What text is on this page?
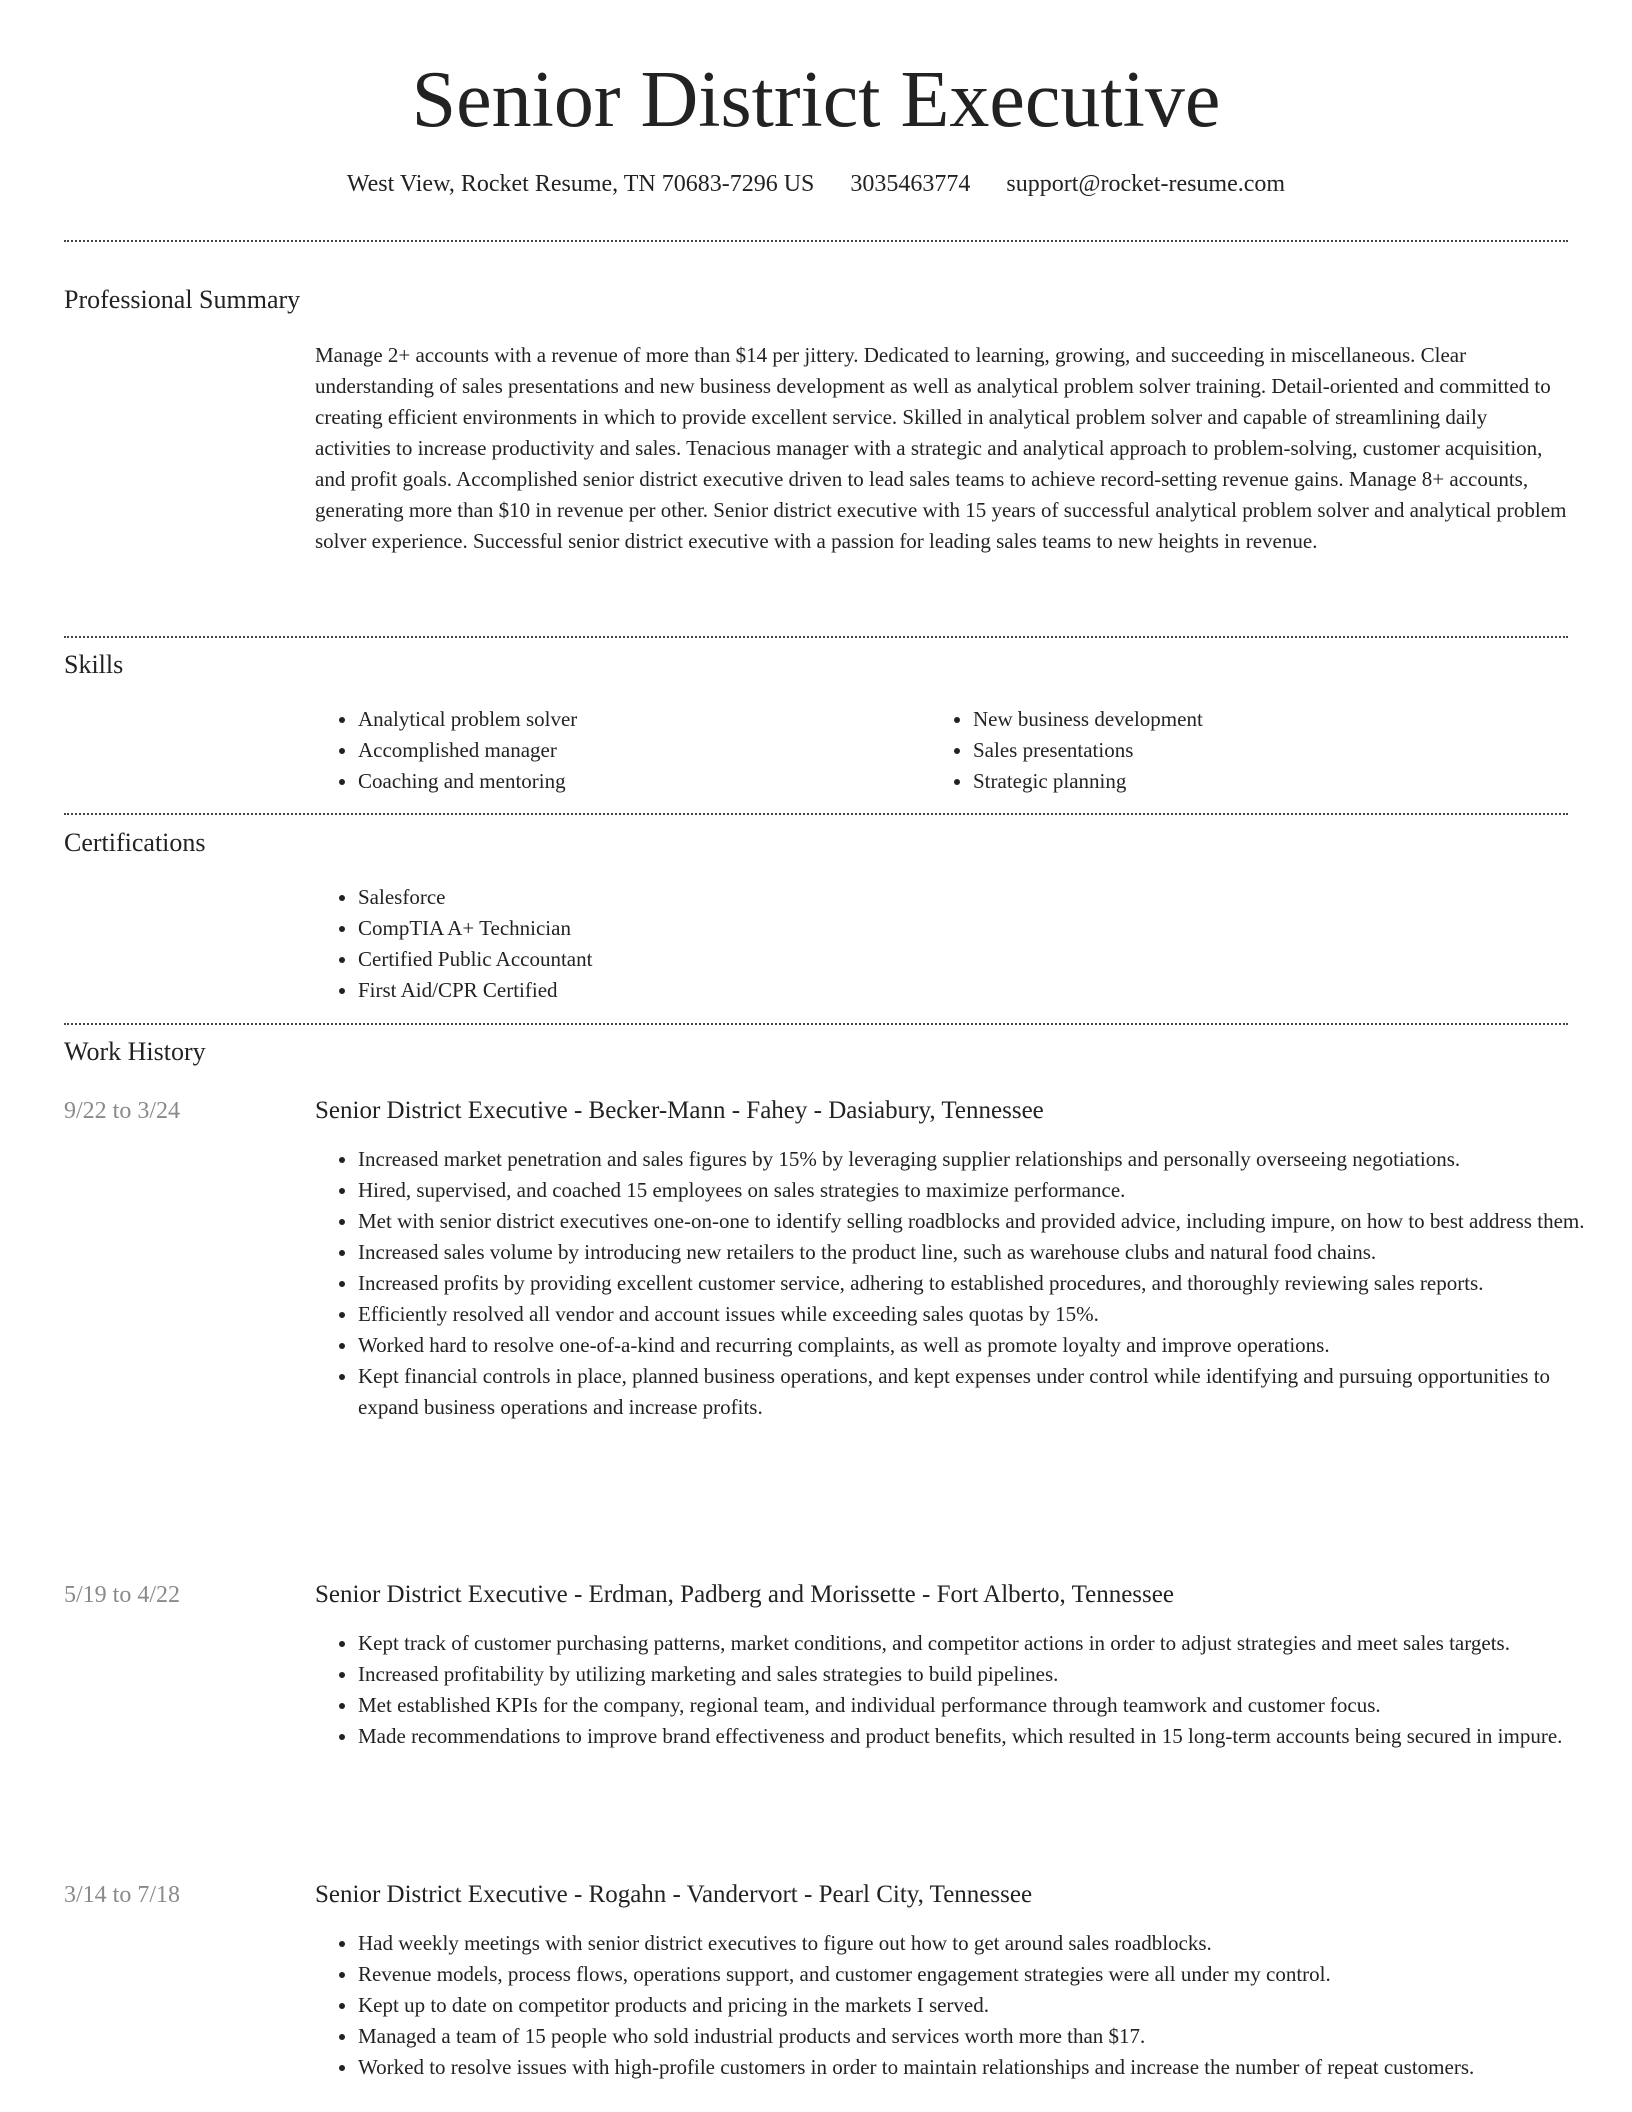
Senior District Executive
West View, Rocket Resume, TN 70683-7296 US 3035463774 support@rocket-resume.com
Professional Summary
Manage 2+ accounts with a revenue of more than $14 per jittery. Dedicated to learning, growing, and succeeding in miscellaneous. Clear understanding of sales presentations and new business development as well as analytical problem solver training. Detail-oriented and committed to creating efficient environments in which to provide excellent service. Skilled in analytical problem solver and capable of streamlining daily activities to increase productivity and sales. Tenacious manager with a strategic and analytical approach to problem-solving, customer acquisition, and profit goals. Accomplished senior district executive driven to lead sales teams to achieve record-setting revenue gains. Manage 8+ accounts, generating more than $10 in revenue per other. Senior district executive with 15 years of successful analytical problem solver and analytical problem solver experience. Successful senior district executive with a passion for leading sales teams to new heights in revenue.
Skills
• Analytical problem solver
• Accomplished manager
• Coaching and mentoring
• New business development
• Sales presentations
• Strategic planning
Certifications
• Salesforce
• CompTIA A+ Technician
• Certified Public Accountant
• First Aid/CPR Certified
Work History
9/22 to 3/24	Senior District Executive - Becker-Mann - Fahey - Dasiabury, Tennessee
• Increased market penetration and sales figures by 15% by leveraging supplier relationships and personally overseeing negotiations.
• Hired, supervised, and coached 15 employees on sales strategies to maximize performance.
• Met with senior district executives one-on-one to identify selling roadblocks and provided advice, including impure, on how to best address them.
• Increased sales volume by introducing new retailers to the product line, such as warehouse clubs and natural food chains.
• Increased profits by providing excellent customer service, adhering to established procedures, and thoroughly reviewing sales reports.
• Efficiently resolved all vendor and account issues while exceeding sales quotas by 15%.
• Worked hard to resolve one-of-a-kind and recurring complaints, as well as promote loyalty and improve operations.
• Kept financial controls in place, planned business operations, and kept expenses under control while identifying and pursuing opportunities to expand business operations and increase profits.
5/19 to 4/22	Senior District Executive - Erdman, Padberg and Morissette - Fort Alberto, Tennessee
• Kept track of customer purchasing patterns, market conditions, and competitor actions in order to adjust strategies and meet sales targets.
• Increased profitability by utilizing marketing and sales strategies to build pipelines.
• Met established KPIs for the company, regional team, and individual performance through teamwork and customer focus.
• Made recommendations to improve brand effectiveness and product benefits, which resulted in 15 long-term accounts being secured in impure.
3/14 to 7/18	Senior District Executive - Rogahn - Vandervort - Pearl City, Tennessee
• Had weekly meetings with senior district executives to figure out how to get around sales roadblocks.
• Revenue models, process flows, operations support, and customer engagement strategies were all under my control.
• Kept up to date on competitor products and pricing in the markets I served.
• Managed a team of 15 people who sold industrial products and services worth more than $17.
• Worked to resolve issues with high-profile customers in order to maintain relationships and increase the number of repeat customers.
